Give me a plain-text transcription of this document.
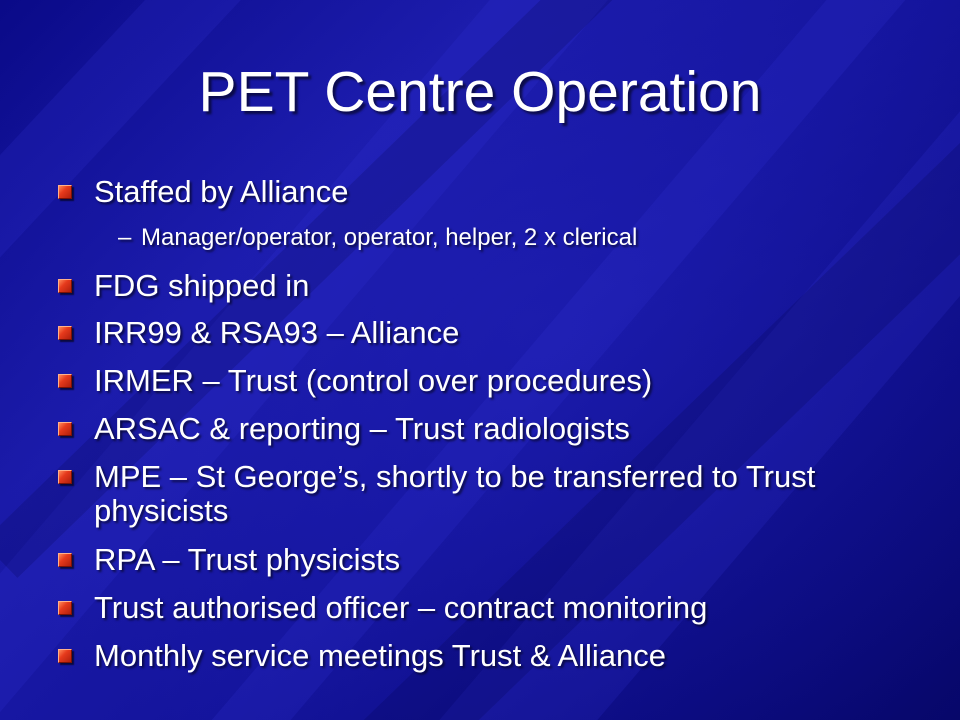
PET Centre Operation
Staffed by Alliance
– Manager/operator, operator, helper, 2 x clerical
FDG shipped in
IRR99 & RSA93 – Alliance
IRMER – Trust (control over procedures)
ARSAC & reporting – Trust radiologists
MPE – St George’s, shortly to be transferred to Trust physicists
RPA – Trust physicists
Trust authorised officer – contract monitoring
Monthly service meetings Trust & Alliance
